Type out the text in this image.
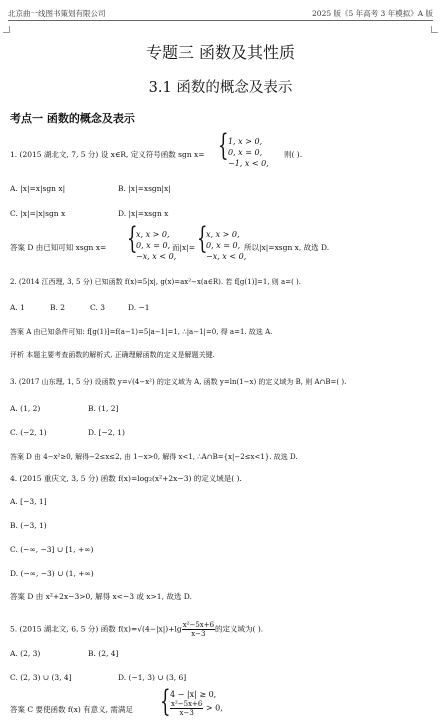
北京曲一线图书策划有限公司	2025 版《5 年高考 3 年模拟》A 版
专题三 函数及其性质
3.1 函数的概念及表示
考点一 函数的概念及表示
1. (2015 湖北文, 7, 5 分) 设 x∈R, 定义符号函数 sgn x= { 1, x > 0,
0, x = 0,
−1, x < 0,
则( ).
A. |x|=x|sgn x|	B. |x|=xsgn|x|
C. |x|=|x|sgn x	D. |x|=xsgn x
答案 D 由已知可知 xsgn x= {
x, x > 0,
0, x = 0,
−x, x < 0,
而|x|= {
x, x > 0,
0, x = 0,
−x, x < 0,
所以|x|=xsgn x, 故选 D.
2. (2014 江西理, 3, 5 分) 已知函数 f(x)=5|x|, g(x)=ax²−x(a∈R). 若 f[g(1)]=1, 则 a=( ).
A. 1	B. 2	C. 3	D. −1
答案 A 由已知条件可知: f[g(1)]=f(a−1)=5|a−1|=1, ∴|a−1|=0, 得 a=1. 故选 A.
评析 本题主要考查函数的解析式, 正确理解函数的定义是解题关键.
3. (2017 山东理, 1, 5 分) 设函数 y=√(4−x²) 的定义域为 A, 函数 y=ln(1−x) 的定义域为 B, 则 A∩B=( ).
A. (1, 2)	B. (1, 2]
C. (−2, 1)	D. [−2, 1)
答案 D 由 4−x²≥0, 解得−2≤x≤2, 由 1−x>0, 解得 x<1, ∴A∩B={x|−2≤x<1}. 故选 D.
4. (2015 重庆文, 3, 5 分) 函数 f(x)=log₂(x²+2x−3) 的定义域是( ).
A. [−3, 1]
B. (−3, 1)
C. (−∞, −3] ∪ [1, +∞)
D. (−∞, −3) ∪ (1, +∞)
答案 D 由 x²+2x−3>0, 解得 x<−3 或 x>1, 故选 D.
5. (2015 湖北文, 6, 5 分) 函数 $f(x)=√(4-|x|)+\lg \frac{\text{x²−5x+6}}{x-3}$ 的定义域为( ).
A. (2, 3)	B. (2, 4]
C. (2, 3) ∪ (3, 4]	D. (−1, 3) ∪ (3, 6]
答案 C 要使函数 f(x) 有意义, 需满足 { 4 − |x| ≥ 0,
$\frac{\text{x²−5x+6}}{x-3} > 0$,
